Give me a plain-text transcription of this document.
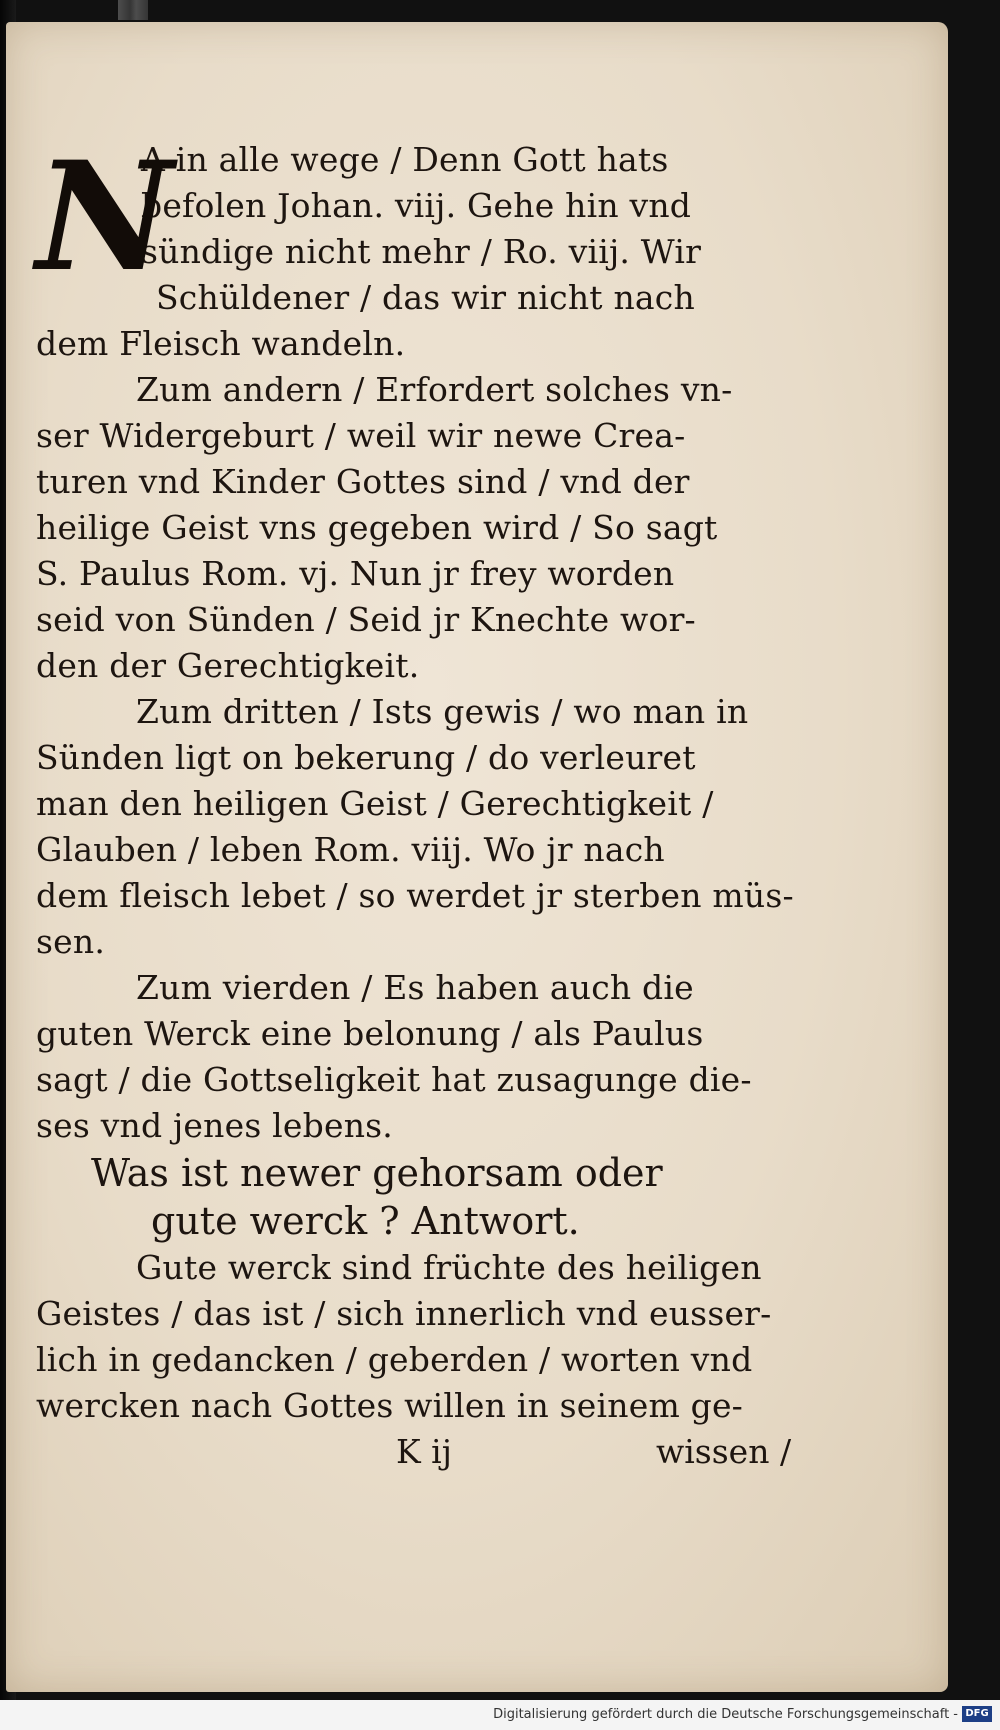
N
A in alle wege / Denn Gott hats
befolen Johan. viij. Gehe hin vnd
sündige nicht mehr / Ro. viij. Wir
Schüldener / das wir nicht nach
dem Fleisch wandeln.
Zum andern / Erfordert solches vn-
ser Widergeburt / weil wir newe Crea-
turen vnd Kinder Gottes sind / vnd der
heilige Geist vns gegeben wird / So sagt
S. Paulus Rom. vj. Nun jr frey worden
seid von Sünden / Seid jr Knechte wor-
den der Gerechtigkeit.
Zum dritten / Ists gewis / wo man in
Sünden ligt on bekerung / do verleuret
man den heiligen Geist / Gerechtigkeit /
Glauben / leben Rom. viij. Wo jr nach
dem fleisch lebet / so werdet jr sterben müs-
sen.
Zum vierden / Es haben auch die
guten Werck eine belonung / als Paulus
sagt / die Gottseligkeit hat zusagunge die-
ses vnd jenes lebens.
Was ist newer gehorsam oder
gute werck ? Antwort.
Gute werck sind früchte des heiligen
Geistes / das ist / sich innerlich vnd eusser-
lich in gedancken / geberden / worten vnd
wercken nach Gottes willen in seinem ge-
K ij	wissen /
Digitalisierung gefördert durch die Deutsche Forschungsgemeinschaft - DFG
